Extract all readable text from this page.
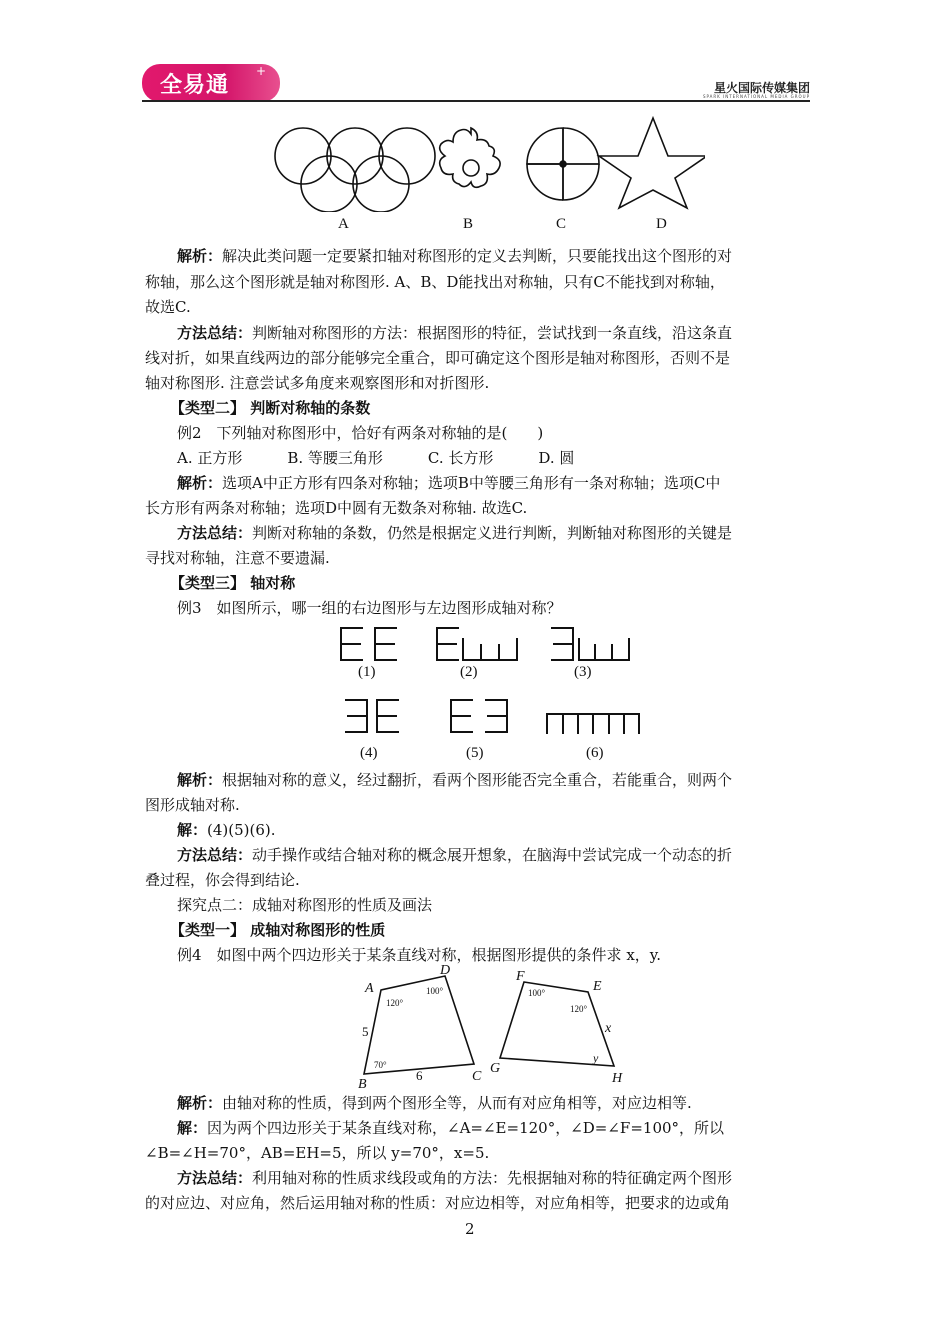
全易通
+
星火国际传媒集团
SPARK INTERNATIONAL MEDIA GROUP
A	B	C	D
解析：解决此类问题一定要紧扣轴对称图形的定义去判断，只要能找出这个图形的对
称轴，那么这个图形就是轴对称图形. A、B、D能找出对称轴，只有C不能找到对称轴，
故选C.
方法总结：判断轴对称图形的方法：根据图形的特征，尝试找到一条直线，沿这条直
线对折，如果直线两边的部分能够完全重合，即可确定这个图形是轴对称图形，否则不是
轴对称图形. 注意尝试多角度来观察图形和对折图形.
【类型二】 判断对称轴的条数
例2　下列轴对称图形中，恰好有两条对称轴的是(　　)
A. 正方形　　　B. 等腰三角形　　　C. 长方形　　　D. 圆
解析：选项A中正方形有四条对称轴；选项B中等腰三角形有一条对称轴；选项C中
长方形有两条对称轴；选项D中圆有无数条对称轴. 故选C.
方法总结：判断对称轴的条数，仍然是根据定义进行判断，判断轴对称图形的关键是
寻找对称轴，注意不要遗漏.
【类型三】 轴对称
例3　如图所示，哪一组的右边图形与左边图形成轴对称？
(1)	(2)	(3)
(4)	(5)	(6)
解析：根据轴对称的意义，经过翻折，看两个图形能否完全重合，若能重合，则两个
图形成轴对称.
解：(4)(5)(6).
方法总结：动手操作或结合轴对称的概念展开想象，在脑海中尝试完成一个动态的折
叠过程，你会得到结论.
探究点二：成轴对称图形的性质及画法
【类型一】 成轴对称图形的性质
例4　如图中两个四边形关于某条直线对称，根据图形提供的条件求 x，y.
A
D
B
C
F
E
G
H
x
y
5
6
120°
100°
70°
100°
120°
解析：由轴对称的性质，得到两个图形全等，从而有对应角相等，对应边相等.
解：因为两个四边形关于某条直线对称，∠A=∠E=120°，∠D=∠F=100°，所以
∠B=∠H=70°，AB=EH=5，所以 y=70°，x=5.
方法总结：利用轴对称的性质求线段或角的方法：先根据轴对称的特征确定两个图形
的对应边、对应角，然后运用轴对称的性质：对应边相等，对应角相等，把要求的边或角
2
